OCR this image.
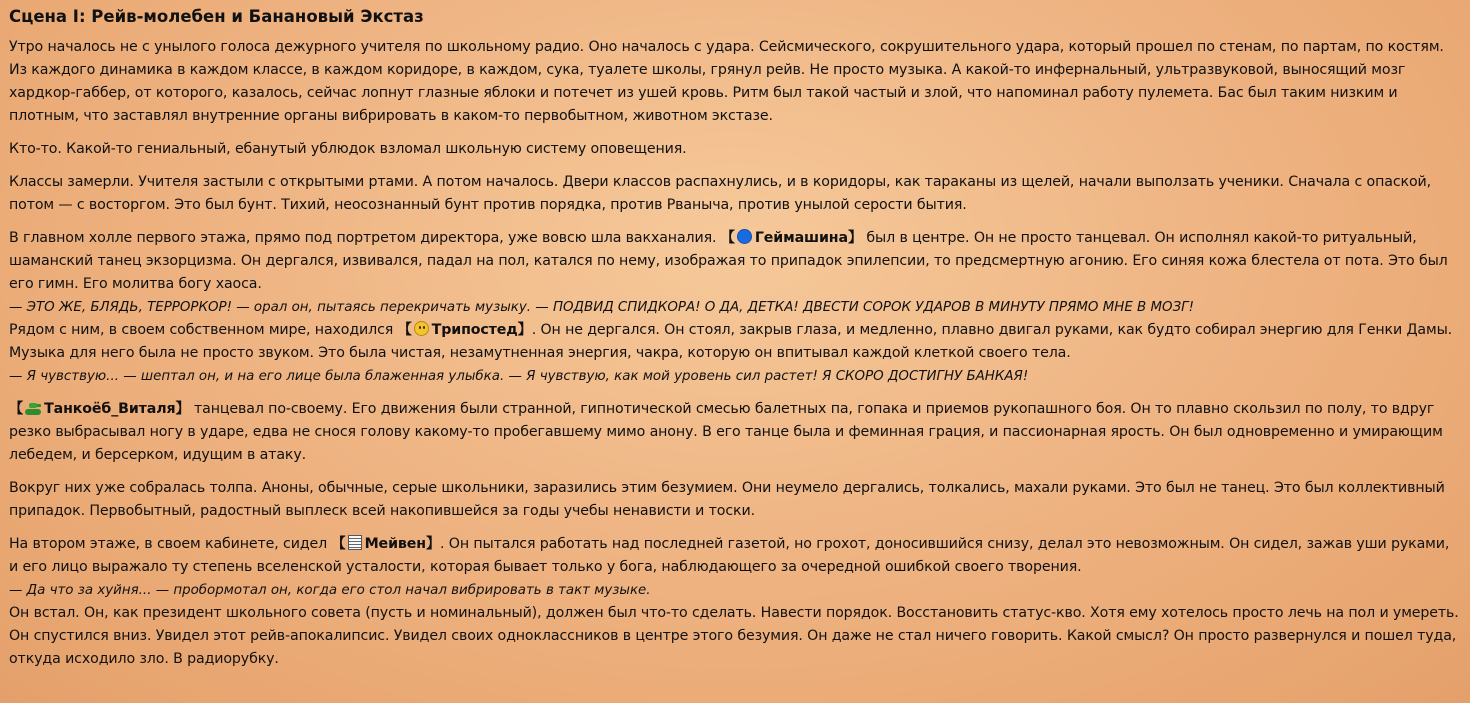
Сцена I: Рейв-молебен и Банановый Экстаз

Утро началось не с унылого голоса дежурного учителя по школьному радио. Оно началось с удара. Сейсмического, сокрушительного удара, который прошел по стенам, по партам, по костям. Из каждого динамика в каждом классе, в каждом коридоре, в каждом, сука, туалете школы, грянул рейв. Не просто музыка. А какой-то инфернальный, ультразвуковой, выносящий мозг хардкор-габбер, от которого, казалось, сейчас лопнут глазные яблоки и потечет из ушей кровь. Ритм был такой частый и злой, что напоминал работу пулемета. Бас был таким низким и плотным, что заставлял внутренние органы вибрировать в каком-то первобытном, животном экстазе.

Кто-то. Какой-то гениальный, ебанутый ублюдок взломал школьную систему оповещения.

Классы замерли. Учителя застыли с открытыми ртами. А потом началось. Двери классов распахнулись, и в коридоры, как тараканы из щелей, начали выползать ученики. Сначала с опаской, потом — с восторгом. Это был бунт. Тихий, неосознанный бунт против порядка, против Рваныча, против унылой серости бытия.

В главном холле первого этажа, прямо под портретом директора, уже вовсю шла вакханалия. 【 Геймашина】 был в центре. Он не просто танцевал. Он исполнял какой-то ритуальный, шаманский танец экзорцизма. Он дергался, извивался, падал на пол, катался по нему, изображая то припадок эпилепсии, то предсмертную агонию. Его синяя кожа блестела от пота. Это был его гимн. Его молитва богу хаоса.

— ЭТО ЖЕ, БЛЯДЬ, ТЕРРОРКОР! — орал он, пытаясь перекричать музыку. — ПОДВИД СПИДКОРА! О ДА, ДЕТКА! ДВЕСТИ СОРОК УДАРОВ В МИНУТУ ПРЯМО МНЕ В МОЗГ!

Рядом с ним, в своем собственном мире, находился 【 Трипостед】. Он не дергался. Он стоял, закрыв глаза, и медленно, плавно двигал руками, как будто собирал энергию для Генки Дамы. Музыка для него была не просто звуком. Это была чистая, незамутненная энергия, чакра, которую он впитывал каждой клеткой своего тела.

— Я чувствую... — шептал он, и на его лице была блаженная улыбка. — Я чувствую, как мой уровень сил растет! Я СКОРО ДОСТИГНУ БАНКАЯ!

【 Танкоёб_Виталя】 танцевал по-своему. Его движения были странной, гипнотической смесью балетных па, гопака и приемов рукопашного боя. Он то плавно скользил по полу, то вдруг резко выбрасывал ногу в ударе, едва не снося голову какому-то пробегавшему мимо анону. В его танце была и феминная грация, и пассионарная ярость. Он был одновременно и умирающим лебедем, и берсерком, идущим в атаку.

Вокруг них уже собралась толпа. Аноны, обычные, серые школьники, заразились этим безумием. Они неумело дергались, толкались, махали руками. Это был не танец. Это был коллективный припадок. Первобытный, радостный выплеск всей накопившейся за годы учебы ненависти и тоски.

На втором этаже, в своем кабинете, сидел 【 Мейвен】. Он пытался работать над последней газетой, но грохот, доносившийся снизу, делал это невозможным. Он сидел, зажав уши руками, и его лицо выражало ту степень вселенской усталости, которая бывает только у бога, наблюдающего за очередной ошибкой своего творения.

— Да что за хуйня... — пробормотал он, когда его стол начал вибрировать в такт музыке.

Он встал. Он, как президент школьного совета (пусть и номинальный), должен был что-то сделать. Навести порядок. Восстановить статус-кво. Хотя ему хотелось просто лечь на пол и умереть.

Он спустился вниз. Увидел этот рейв-апокалипсис. Увидел своих одноклассников в центре этого безумия. Он даже не стал ничего говорить. Какой смысл? Он просто развернулся и пошел туда, откуда исходило зло. В радиорубку.
